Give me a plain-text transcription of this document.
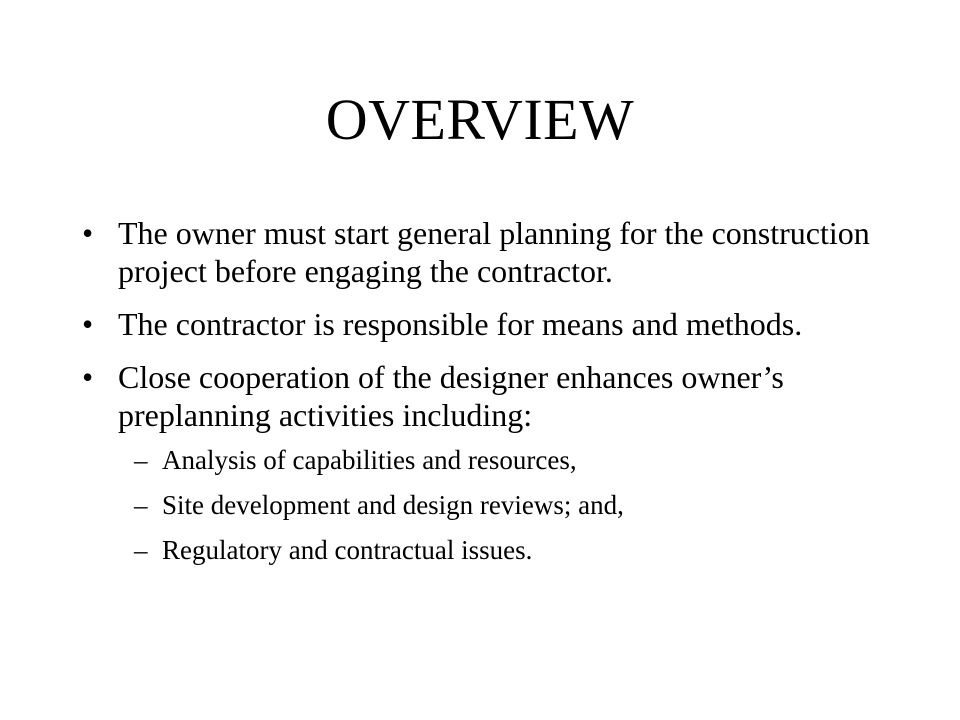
OVERVIEW
• The owner must start general planning for the construction project before engaging the contractor.
• The contractor is responsible for means and methods.
• Close cooperation of the designer enhances owner’s preplanning activities including:
– Analysis of capabilities and resources,
– Site development and design reviews; and,
– Regulatory and contractual issues.
